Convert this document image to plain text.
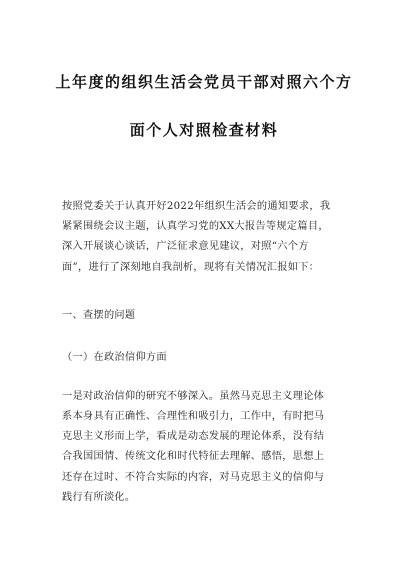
上年度的组织生活会党员干部对照六个方
面个人对照检查材料
按照党委关于认真开好2022年组织生活会的通知要求，我
紧紧围绕会议主题，认真学习党的XX大报告等规定篇目，
深入开展谈心谈话，广泛征求意见建议，对照“六个方
面”，进行了深刻地自我剖析，现将有关情况汇报如下：
一、查摆的问题
（一）在政治信仰方面
一是对政治信仰的研究不够深入。虽然马克思主义理论体
系本身具有正确性、合理性和吸引力，工作中，有时把马
克思主义形而上学，看成是动态发展的理论体系，没有结
合我国国情、传统文化和时代特征去理解、感悟，思想上
还存在过时、不符合实际的内容，对马克思主义的信仰与
践行有所淡化。
